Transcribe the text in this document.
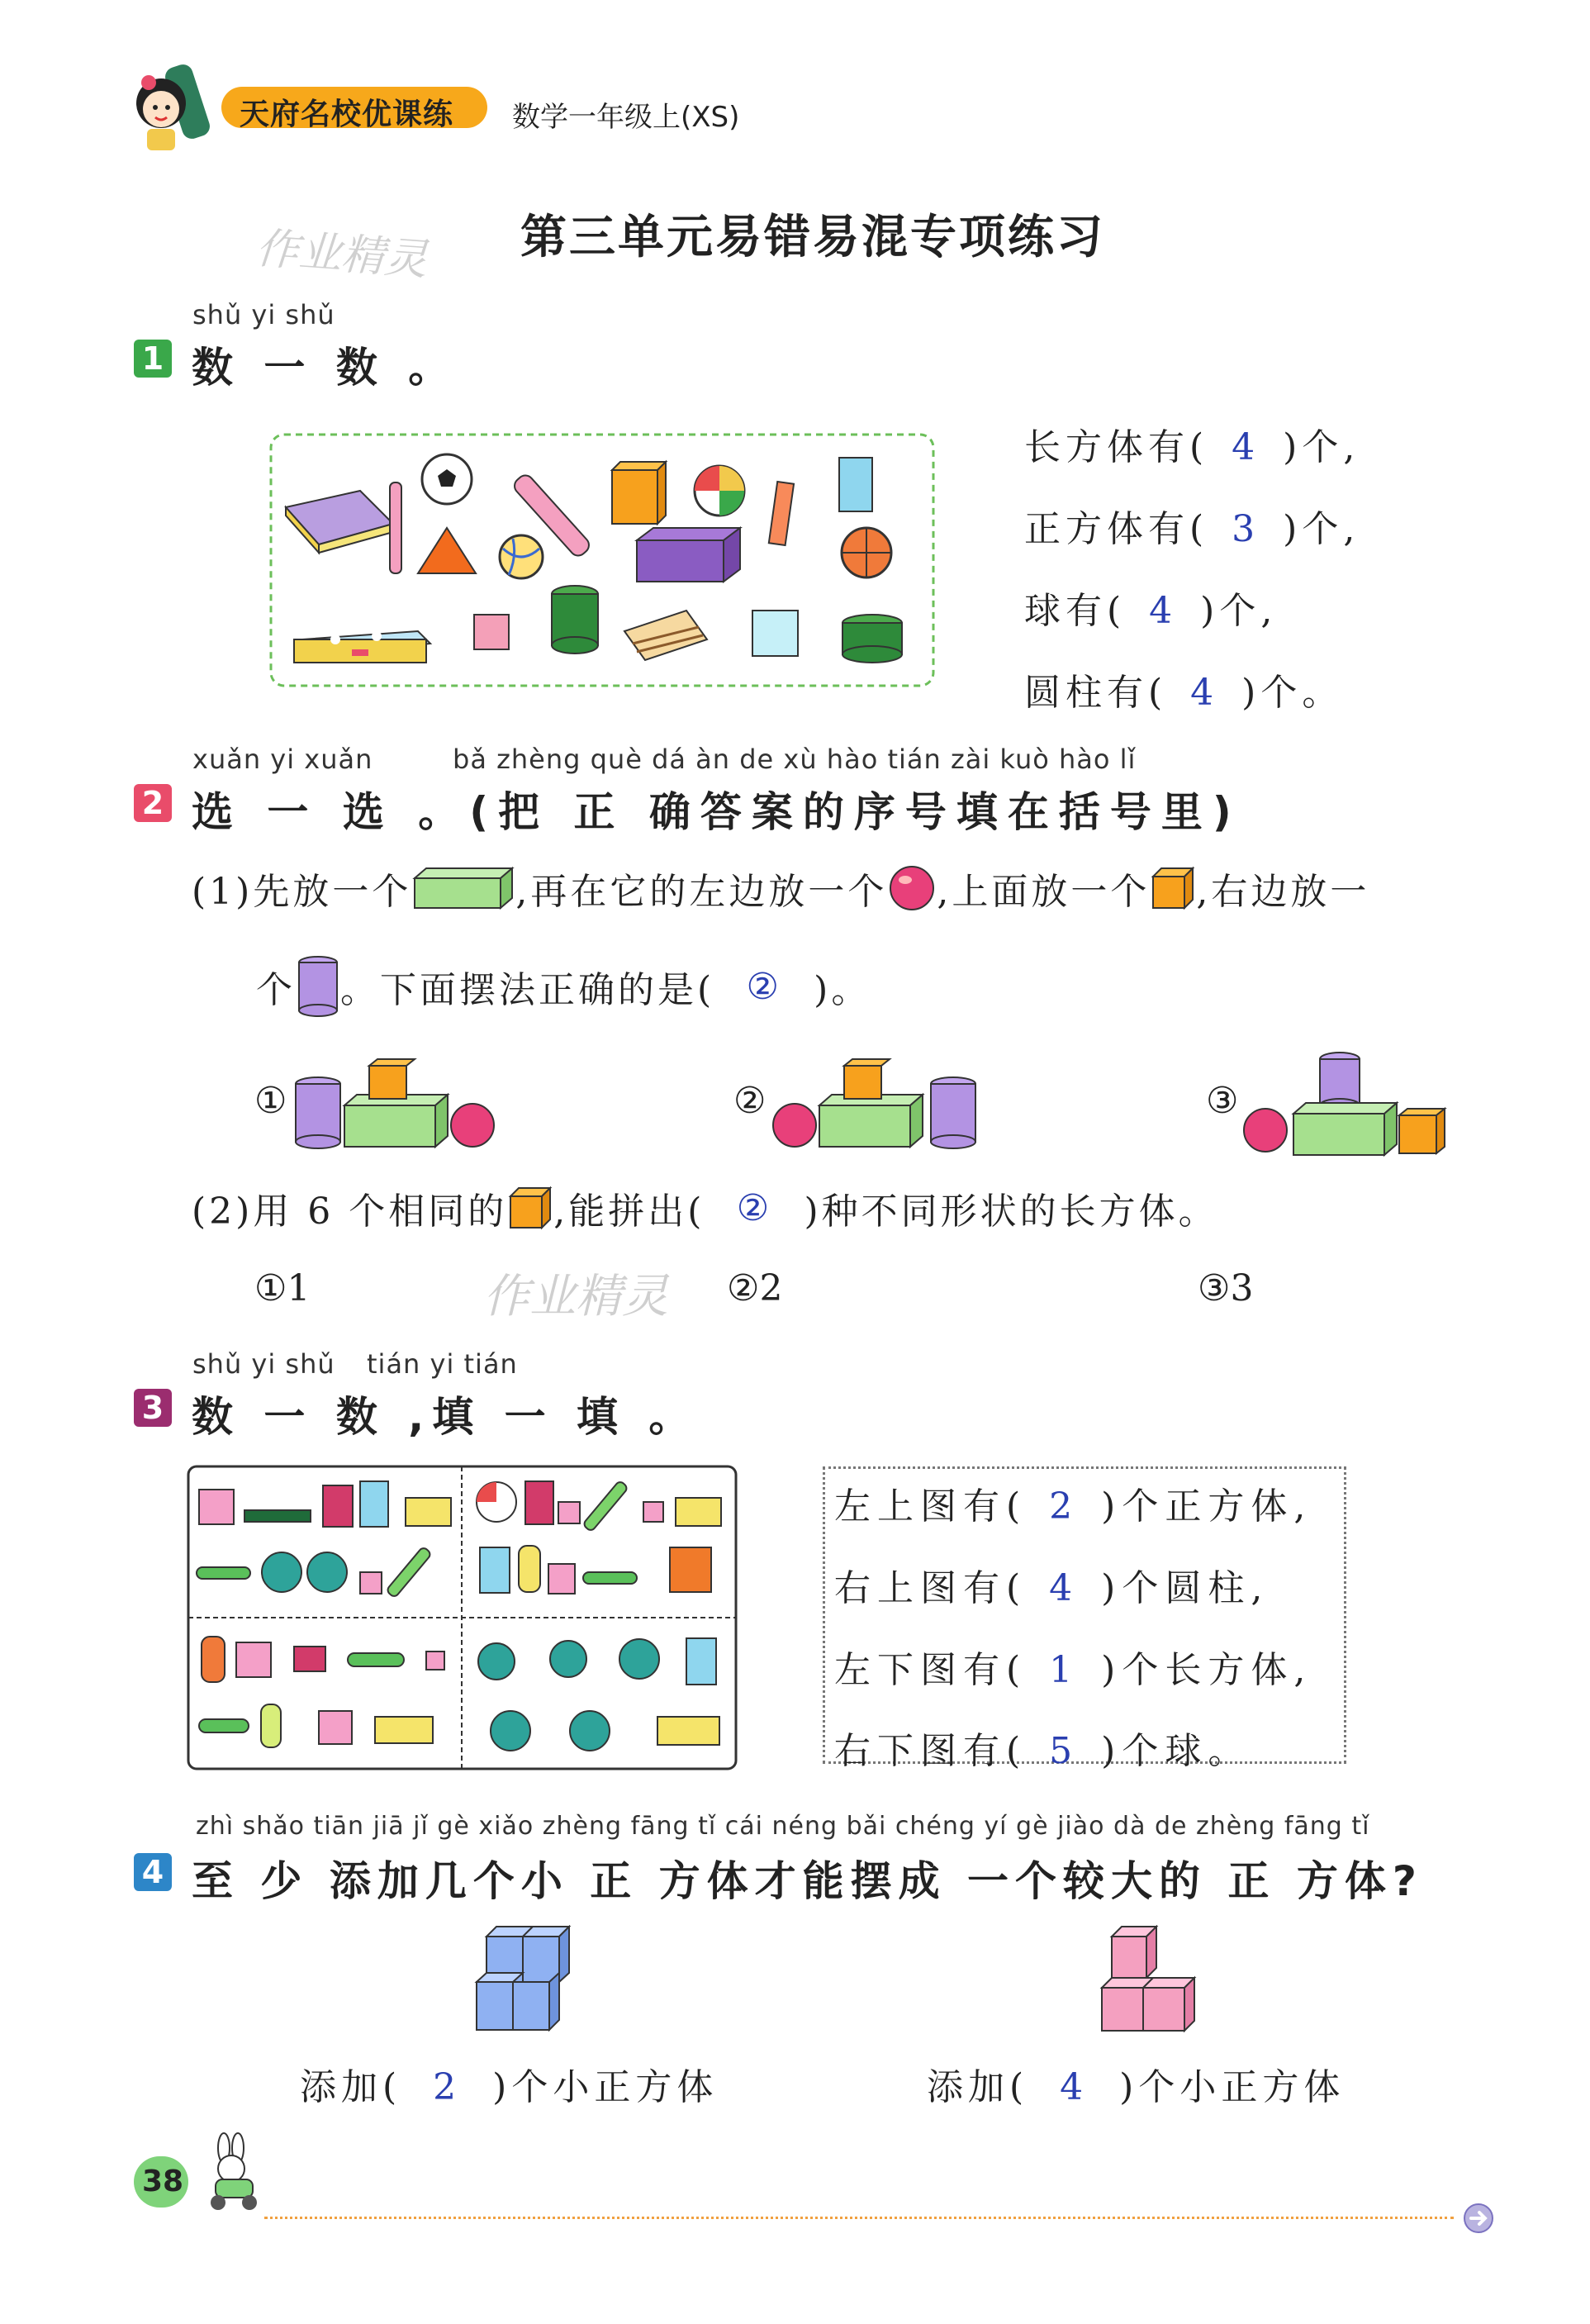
天府名校优课练 数学一年级上(XS)
作业精灵 第三单元易错易混专项练习
shǔ yi shǔ
1 数 一 数 。
长方体有( 4 )个,
正方体有( 3 )个,
球有( 4 )个,
圆柱有( 4 )个。
xuǎn yi xuǎn	bǎ zhèng què dá àn de xù hào tián zài kuò hào lǐ
2 选 一 选 。(把 正 确答案的序号填在括号里)
(1)先放一个	,再在它的左边放一个 ,上面放一个 ,右边放一
个 。下面摆法正确的是( ② )。
①	②	③
(2)用 6 个相同的 ,能拼出( ② )种不同形状的长方体。
①1	作业精灵 ②2	③3
shǔ yi shǔ tián yi tián
3 数 一 数 ,填 一 填 。
左上图有( 2 )个正方体,
右上图有( 4 )个圆柱,
左下图有( 1 )个长方体,
右下图有( 5 )个球。
zhì shǎo tiān jiā jǐ gè xiǎo zhèng fāng tǐ cái néng bǎi chéng yí gè jiào dà de zhèng fāng tǐ
4 至 少 添加几个小 正 方体才能摆成 一个较大的 正 方体?
添加( 2 )个小正方体	添加( 4 )个小正方体
38
